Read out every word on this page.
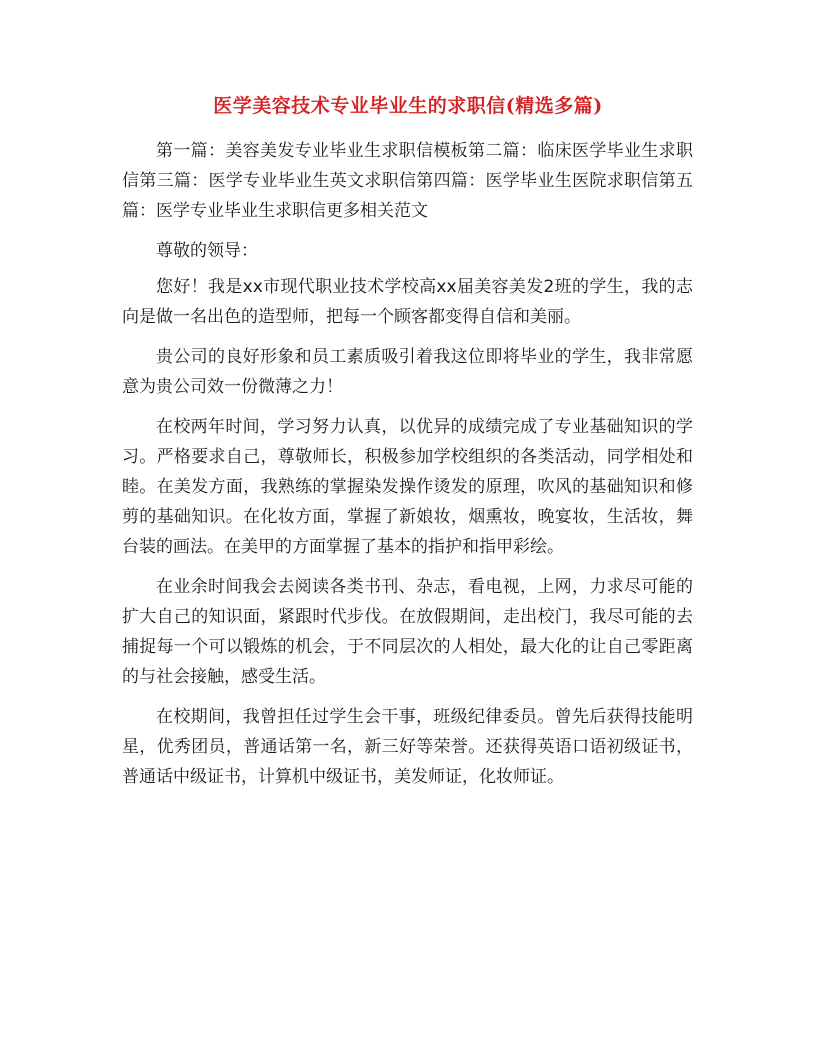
医学美容技术专业毕业生的求职信(精选多篇)

第一篇：美容美发专业毕业生求职信模板第二篇：临床医学毕业生求职信第三篇：医学专业毕业生英文求职信第四篇：医学毕业生医院求职信第五篇：医学专业毕业生求职信更多相关范文

尊敬的领导：

您好！我是xx市现代职业技术学校高xx届美容美发2班的学生，我的志向是做一名出色的造型师，把每一个顾客都变得自信和美丽。

贵公司的良好形象和员工素质吸引着我这位即将毕业的学生，我非常愿意为贵公司效一份微薄之力！

在校两年时间，学习努力认真，以优异的成绩完成了专业基础知识的学习。严格要求自己，尊敬师长，积极参加学校组织的各类活动，同学相处和睦。在美发方面，我熟练的掌握染发操作烫发的原理，吹风的基础知识和修剪的基础知识。在化妆方面，掌握了新娘妆，烟熏妆，晚宴妆，生活妆，舞台装的画法。在美甲的方面掌握了基本的指护和指甲彩绘。

在业余时间我会去阅读各类书刊、杂志，看电视，上网，力求尽可能的扩大自己的知识面，紧跟时代步伐。在放假期间，走出校门，我尽可能的去捕捉每一个可以锻炼的机会，于不同层次的人相处，最大化的让自己零距离的与社会接触，感受生活。

在校期间，我曾担任过学生会干事，班级纪律委员。曾先后获得技能明星，优秀团员，普通话第一名，新三好等荣誉。还获得英语口语初级证书，普通话中级证书，计算机中级证书，美发师证，化妆师证。
